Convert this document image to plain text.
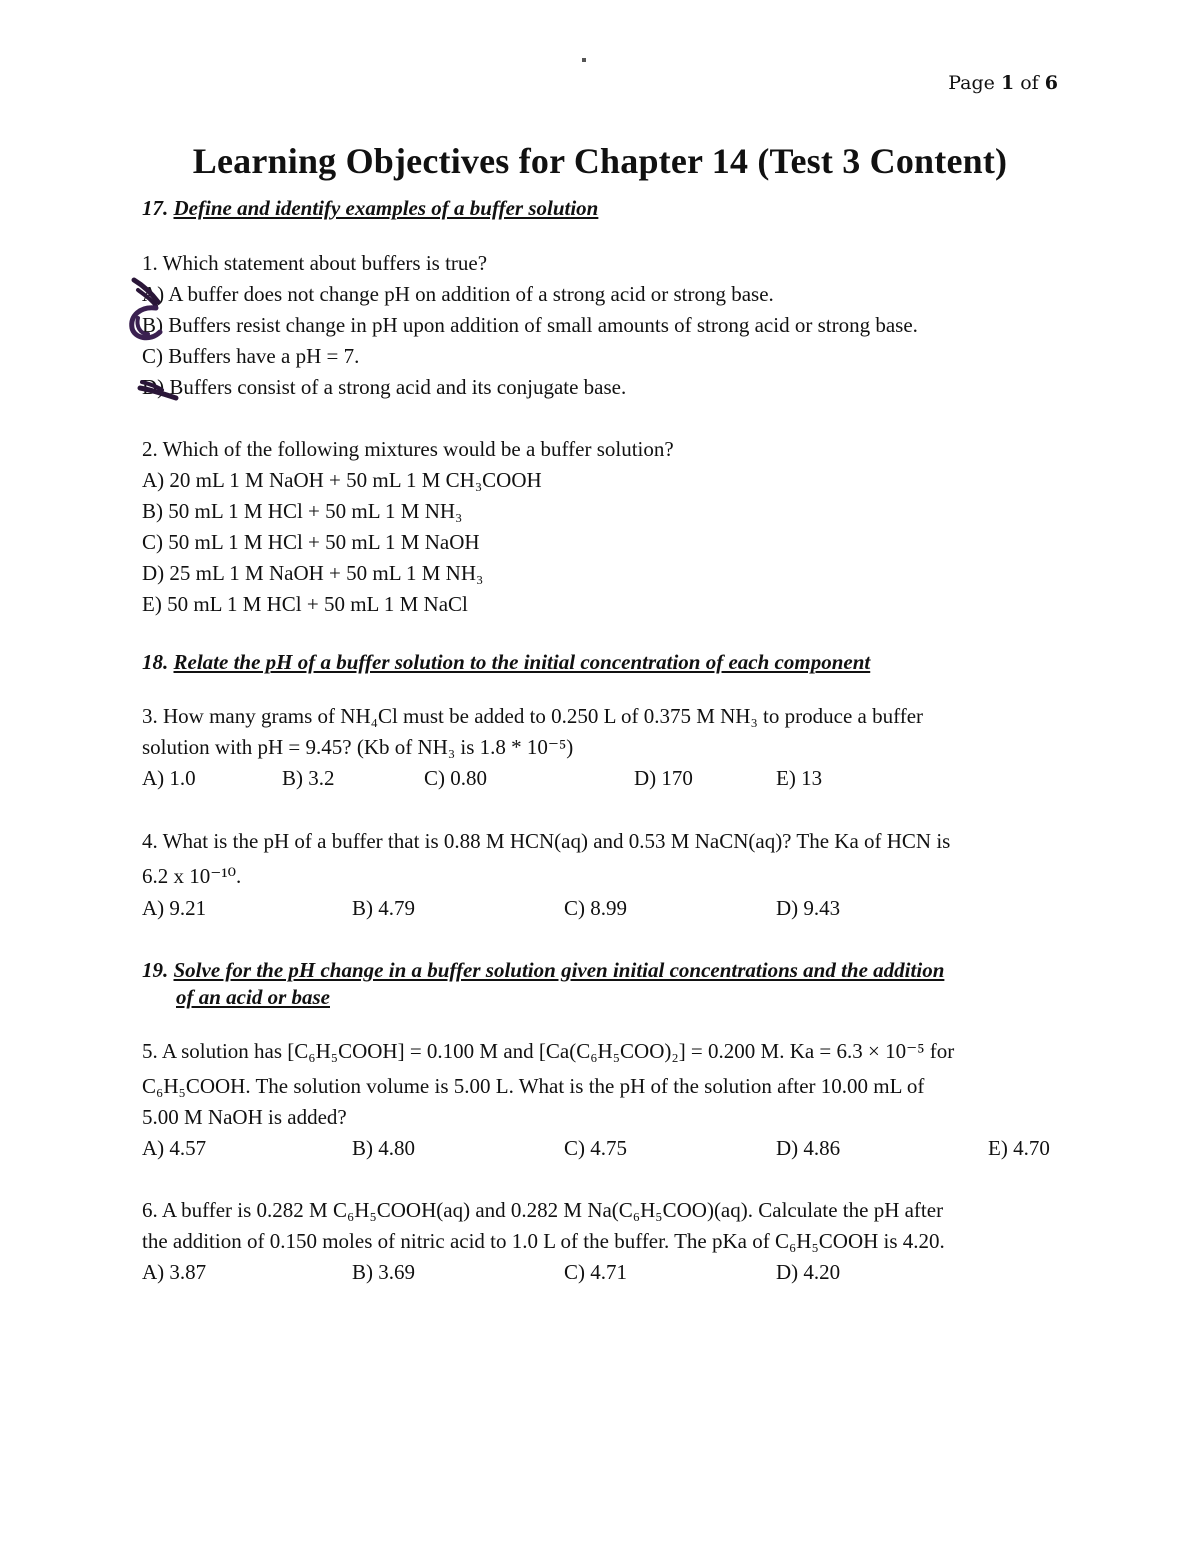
Page 1 of 6
Learning Objectives for Chapter 14 (Test 3 Content)
17. Define and identify examples of a buffer solution
1. Which statement about buffers is true?
A) A buffer does not change pH on addition of a strong acid or strong base.
B) Buffers resist change in pH upon addition of small amounts of strong acid or strong base.
C) Buffers have a pH = 7.
D) Buffers consist of a strong acid and its conjugate base.
2. Which of the following mixtures would be a buffer solution?
A) 20 mL 1 M NaOH + 50 mL 1 M CH₃COOH
B) 50 mL 1 M HCl + 50 mL 1 M NH₃
C) 50 mL 1 M HCl + 50 mL 1 M NaOH
D) 25 mL 1 M NaOH + 50 mL 1 M NH₃
E) 50 mL 1 M HCl + 50 mL 1 M NaCl
18. Relate the pH of a buffer solution to the initial concentration of each component
3. How many grams of NH₄Cl must be added to 0.250 L of 0.375 M NH₃ to produce a buffer
solution with pH = 9.45? (Kb of NH₃ is 1.8 * 10⁻⁵)
A) 1.0	B) 3.2	C) 0.80	D) 170	E) 13
4. What is the pH of a buffer that is 0.88 M HCN(aq) and 0.53 M NaCN(aq)? The Ka of HCN is
6.2 x 10⁻¹⁰.
A) 9.21	B) 4.79	C) 8.99	D) 9.43
19. Solve for the pH change in a buffer solution given initial concentrations and the addition
of an acid or base
5. A solution has [C₆H₅COOH] = 0.100 M and [Ca(C₆H₅COO)₂] = 0.200 M. Ka = 6.3 × 10⁻⁵ for
C₆H₅COOH. The solution volume is 5.00 L. What is the pH of the solution after 10.00 mL of
5.00 M NaOH is added?
A) 4.57	B) 4.80	C) 4.75	D) 4.86	E) 4.70
6. A buffer is 0.282 M C₆H₅COOH(aq) and 0.282 M Na(C₆H₅COO)(aq). Calculate the pH after
the addition of 0.150 moles of nitric acid to 1.0 L of the buffer. The pKa of C₆H₅COOH is 4.20.
A) 3.87	B) 3.69	C) 4.71	D) 4.20
